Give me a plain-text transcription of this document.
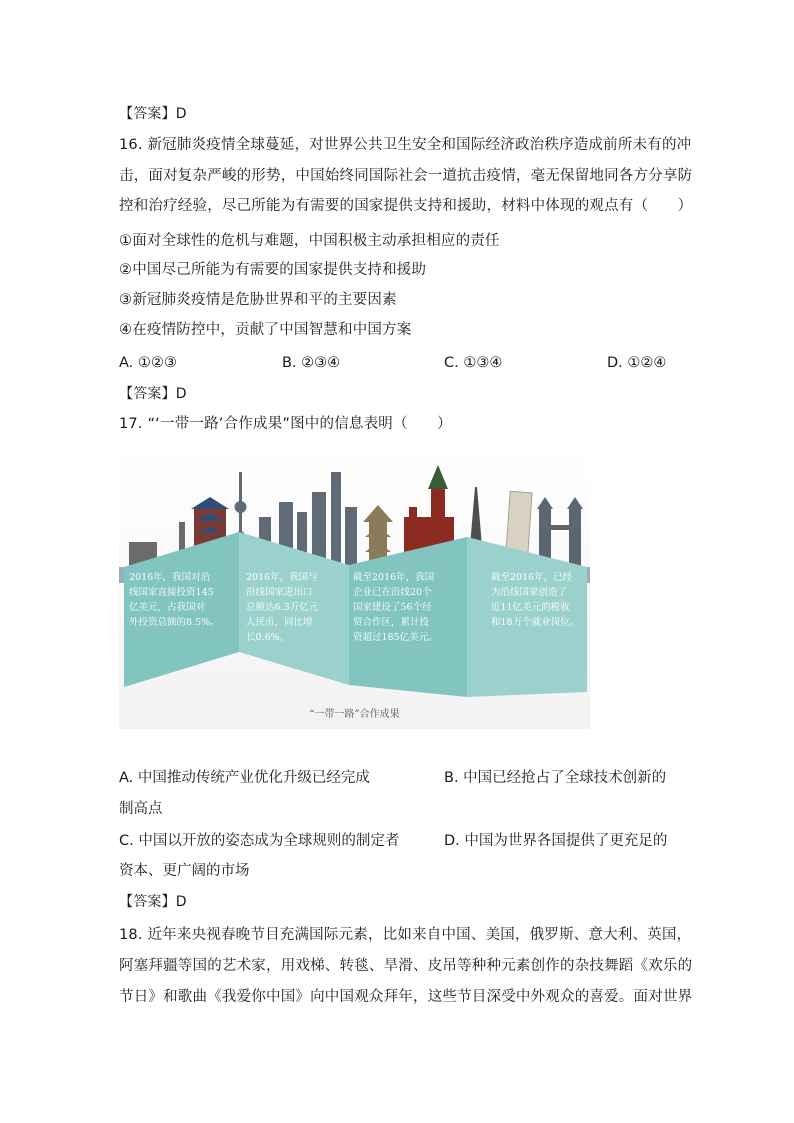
【答案】D
16. 新冠肺炎疫情全球蔓延，对世界公共卫生安全和国际经济政治秩序造成前所未有的冲
击，面对复杂严峻的形势，中国始终同国际社会一道抗击疫情，毫无保留地同各方分享防
控和治疗经验，尽己所能为有需要的国家提供支持和援助，材料中体现的观点有（　　）
①面对全球性的危机与难题，中国积极主动承担相应的责任
②中国尽己所能为有需要的国家提供支持和援助
③新冠肺炎疫情是危胁世界和平的主要因素
④在疫情防控中，贡献了中国智慧和中国方案
A. ①②③	B. ②③④	C. ①③④	D. ①②④
【答案】D
17. “‘一带一路’合作成果”图中的信息表明（　　）
2016年，我国对沿
线国家直接投资145
亿美元，占我国对
外投资总额的8.5%。
2016年，我国与
沿线国家进出口
总额达6.3万亿元
人民币，同比增
长0.6%。
截至2016年，我国
企业已在沿线20个
国家建设了56个经
贸合作区，累计投
资超过185亿美元。
截至2016年，已经
为沿线国家创造了
近11亿美元的税收
和18万个就业岗位。
“一带一路”合作成果
A. 中国推动传统产业优化升级已经完成	B. 中国已经抢占了全球技术创新的
制高点
C. 中国以开放的姿态成为全球规则的制定者	D. 中国为世界各国提供了更充足的
资本、更广阔的市场
【答案】D
18. 近年来央视春晚节目充满国际元素，比如来自中国、美国，俄罗斯、意大利、英国，
阿塞拜疆等国的艺术家，用戏梯、转毯、旱滑、皮吊等种种元素创作的杂技舞蹈《欢乐的
节日》和歌曲《我爱你中国》向中国观众拜年，这些节目深受中外观众的喜爱。面对世界
